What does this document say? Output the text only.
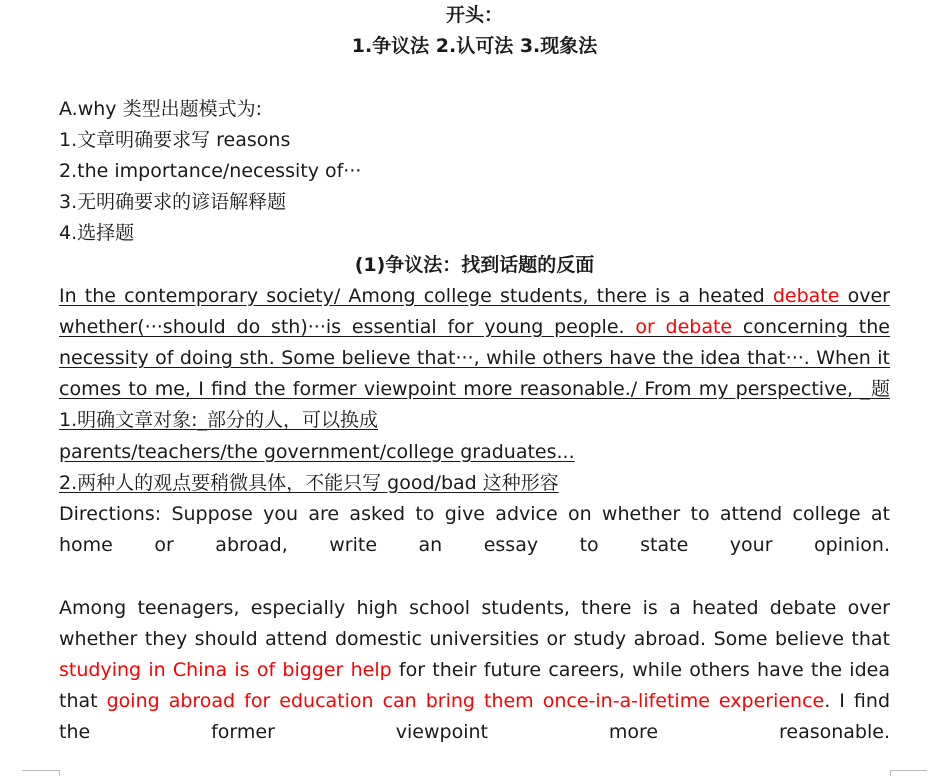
开头：
1.争议法 2.认可法 3.现象法
A.why 类型出题模式为:
1.文章明确要求写 reasons
2.the importance/necessity of···
3.无明确要求的谚语解释题
4.选择题
(1)争议法：找到话题的反面
In the contemporary society/ Among college students, there is a heated debate over whether(···should do sth)···is essential for young people. or debate concerning the necessity of doing sth. Some believe that···, while others have the idea that···. When it comes to me, I find the former viewpoint more reasonable./ From my perspective, _题
1.明确文章对象:_部分的人，可以换成
parents/teachers/the government/college graduates...
2.两种人的观点要稍微具体，不能只写 good/bad 这种形容
Directions: Suppose you are asked to give advice on whether to attend college at home or abroad, write an essay to state your opinion.
Among teenagers, especially high school students, there is a heated debate over whether they should attend domestic universities or study abroad. Some believe that studying in China is of bigger help for their future careers, while others have the idea that going abroad for education can bring them once-in-a-lifetime experience. I find the former viewpoint more reasonable.
